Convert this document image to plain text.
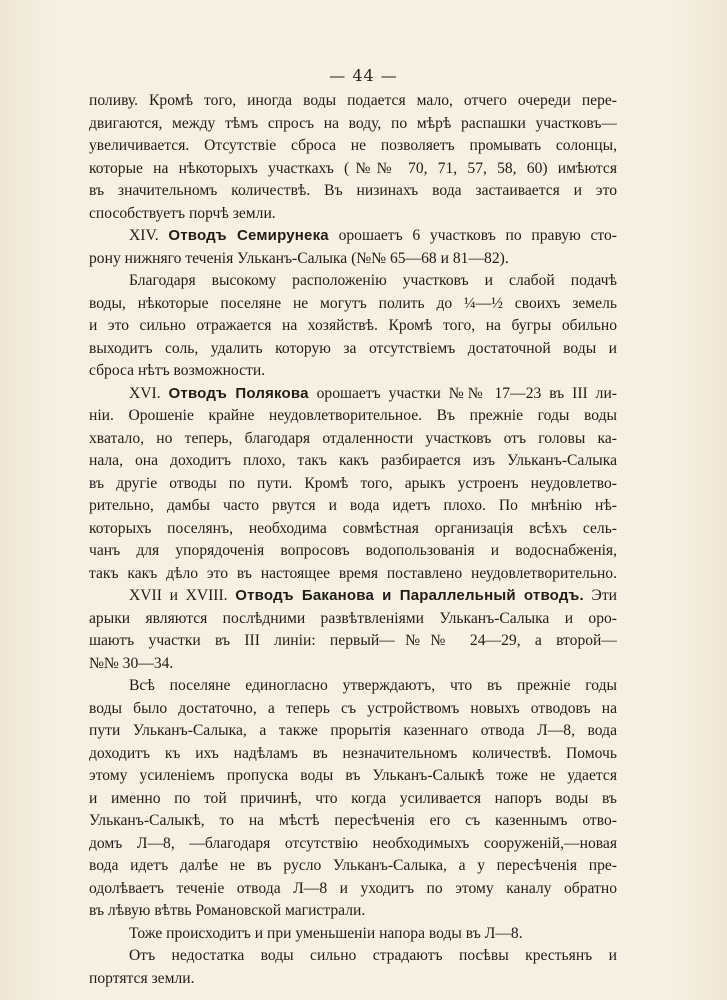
— 44 —
поливу. Кромѣ того, иногда воды подается мало, отчего очереди пере-
двигаются, между тѣмъ спросъ на воду, по мѣрѣ распашки участковъ—
увеличивается. Отсутствіе сброса не позволяетъ промывать солонцы,
которые на нѣкоторыхъ участкахъ (№№ 70, 71, 57, 58, 60) имѣются
въ значительномъ количествѣ. Въ низинахъ вода застаивается и это
способствуетъ порчѣ земли.
XIV. Отводъ Семирунека орошаетъ 6 участковъ по правую сто-
рону нижняго теченія Ульканъ-Салыка (№№ 65—68 и 81—82).
Благодаря высокому расположенію участковъ и слабой подачѣ
воды, нѣкоторые поселяне не могутъ полить до ¼—½ своихъ земель
и это сильно отражается на хозяйствѣ. Кромѣ того, на бугры обильно
выходитъ соль, удалить которую за отсутствіемъ достаточной воды и
сброса нѣтъ возможности.
XVI. Отводъ Полякова орошаетъ участки №№ 17—23 въ III ли-
ніи. Орошеніе крайне неудовлетворительное. Въ прежніе годы воды
хватало, но теперь, благодаря отдаленности участковъ отъ головы ка-
нала, она доходитъ плохо, такъ какъ разбирается изъ Ульканъ-Салыка
въ другіе отводы по пути. Кромѣ того, арыкъ устроенъ неудовлетво-
рительно, дамбы часто рвутся и вода идетъ плохо. По мнѣнію нѣ-
которыхъ поселянъ, необходима совмѣстная организація всѣхъ сель-
чанъ для упорядоченія вопросовъ водопользованія и водоснабженія,
такъ какъ дѣло это въ настоящее время поставлено неудовлетворительно.
XVII и XVIII. Отводъ Баканова и Параллельный отводъ. Эти
арыки являются послѣдними развѣтвленіями Ульканъ-Салыка и оро-
шаютъ участки въ III линіи: первый—№№ 24—29, а второй—
№№ 30—34.
Всѣ поселяне единогласно утверждаютъ, что въ прежніе годы
воды было достаточно, а теперь съ устройствомъ новыхъ отводовъ на
пути Ульканъ-Салыка, а также прорытія казеннаго отвода Л—8, вода
доходитъ къ ихъ надѣламъ въ незначительномъ количествѣ. Помочь
этому усиленіемъ пропуска воды въ Ульканъ-Салыкѣ тоже не удается
и именно по той причинѣ, что когда усиливается напоръ воды въ
Ульканъ-Салыкѣ, то на мѣстѣ пересѣченія его съ казеннымъ отво-
домъ Л—8, —благодаря отсутствію необходимыхъ сооруженій,—новая
вода идетъ далѣе не въ русло Ульканъ-Салыка, а у пересѣченія пре-
одолѣваетъ теченіе отвода Л—8 и уходитъ по этому каналу обратно
въ лѣвую вѣтвь Романовской магистрали.
Тоже происходитъ и при уменьшеніи напора воды въ Л—8.
Отъ недостатка воды сильно страдаютъ посѣвы крестьянъ и
портятся земли.
